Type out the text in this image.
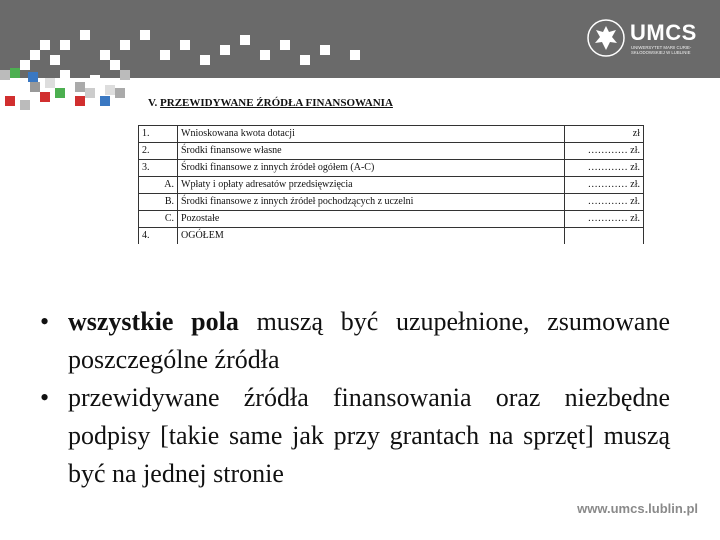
UMCS
UNIWERSYTET MARII CURIE-SKŁODOWSKIEJ W LUBLINIE
V. PRZEWIDYWANE ŹRÓDŁA FINANSOWANIA
1.	Wnioskowana kwota dotacji	zł
2.	Środki finansowe własne	………… zł.
3.	Środki finansowe z innych źródeł ogółem (A-C)	………… zł.
A.	Wpłaty i opłaty adresatów przedsięwzięcia	………… zł.
B.	Środki finansowe z innych źródeł pochodzących z uczelni	………… zł.
C.	Pozostałe	………… zł.
4.	OGÓŁEM	
• wszystkie pola muszą być uzupełnione, zsumowane poszczególne źródła
• przewidywane źródła finansowania oraz niezbędne podpisy [takie same jak przy grantach na sprzęt] muszą być na jednej stronie
www.umcs.lublin.pl
